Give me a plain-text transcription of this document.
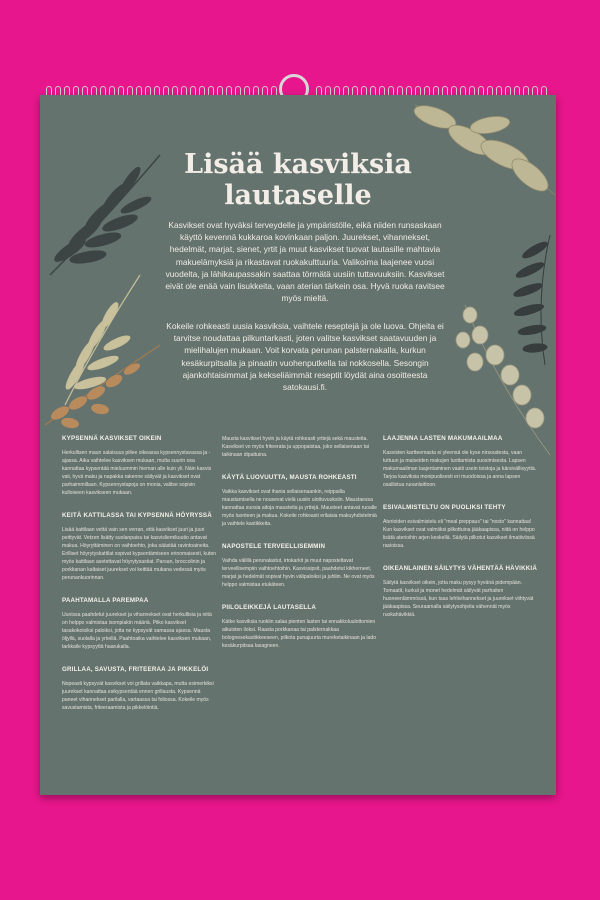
Lisää kasviksia
lautaselle
Kasvikset ovat hyväksi terveydelle ja ympäristölle, eikä niiden runsaskaan käyttö kevennä kukkaroa kovinkaan paljon. Juurekset, vihannekset, hedelmät, marjat, sienet, yrtit ja muut kasvikset tuovat lautasille mahtavia makuelämyksiä ja rikastavat ruokakulttuuria. Valikoima laajenee vuosi vuodelta, ja lähikaupassakin saattaa törmätä uusiin tuttavuuksiin. Kasvikset eivät ole enää vain lisukkeita, vaan aterian tärkein osa. Hyvä ruoka ravitsee myös mieltä.
Kokeile rohkeasti uusia kasviksia, vaihtele reseptejä ja ole luova. Ohjeita ei tarvitse noudattaa pilkuntarkasti, joten valitse kasvikset saatavuuden ja mielihalujen mukaan. Voit korvata perunan palsternakalla, kurkun kesäkurpitsalla ja pinaatin vuohenputkella tai nokkosella. Sesongin ajankohtaisimmat ja kekseliäimmät reseptit löydät aina osoitteesta satokausi.fi.
KYPSENNÄ KASVIKSET OIKEIN

Herkullisen maun salaisuus piilee oikeassa kypsennystavassa ja -ajassa. Aika vaihtelee kasviksen mukaan, mutta suurin osa kannattaa kypsentää mieluummin hieman alle kuin yli. Näin kasvis vaii, hyvä maku ja napakka rakenne säilyvät ja kasvikset ovat parhaimmillaan. Kypsennystapoja on monia, valitse sopivin kulloiseen kasvikseen mukaan.

KEITÄ KATTILASSA TAI KYPSENNÄ HÖYRYSSÄ

Lisää kattilaan vettä vain sen verran, että kasvikset juuri ja juuri peittyvät. Vetzen lisätty suolanpaisu tai kasvisliemikuutio antavat makua. Höyryttäminen on vaihtoehto, joka säästää ravintoaineita. Erilliset höyrytyskattilat sopivat kypsentämiseen erinomaisesti, kuten myös kattilaan asetettavat höyrytysastiat. Parsan, broccolinin ja porkkanan kaltaiset juurekset voi keittää mukana vedessä myös perunankuorinnan.

PAAHTAMALLA PAREMPAA

Uunissa paahdetut juurekset ja vihannekset ovat herkullisia ja niitä on helppo valmistaa isompiakin määriä. Pilko kasvikset tasakokoisiksi paloiksi, jotta ne kypsyvät samassa ajassa. Mausta öljyllä, suolalla ja yrteillä. Paahtoaika vaihtelee kasviksen mukaan, tarkkaile kypsyyttä haarukalla.

GRILLAA, SAVUSTA, FRITEERAA JA PIKKELÖI

Nopeasti kypsyvät kasvikset voi grillata vaikkapa, mutta esimerkiksi juurekset kannattaa esikypsentää ennen grillausta. Kypsennä paneet vihannekset parilalla, vartaassa tai foliossa. Kokeile myös savustamista, friteeraamista ja pikkelöintiä.

Mausta kasvikset hyvin ja käytä rohkeasti yrttejä sekä mausteita. Kasvikset vo myös friteerata ja uppopaistaa, joko sellaisenaan tai taikinaan dipattuina.

KÄYTÄ LUOVUUTTA, MAUSTA ROHKEASTI

Vaikka kasvikset ovat ihania sellaisenaankin, reippailla maustamisella ne nousevat vielä uusiin ulottuvuuksiin. Maustaessa kannattaa suosia aitoja mausteita ja yrttejä. Mausteet antavat ruoalle myös luonteen ja makua. Kokeile rohkeasti erilaisia makuyhdistelmiä ja vaihtele kastikkeita.

NAPOSTELE TERVEELLISEMMIN

Vaihda välillä perunalastut, irtokarkit ja muut naposteltavat terveellisempiin vaihtoehtoihin. Kasvissipsit, paahdetut kikherneet, marjat ja hedelmät sopivat hyvin välipaloiksi ja juhliin. Ne ovat myös helppo valmistaa etukäteen.

PIILOLEIKKEJÄ LAUTASELLA

Kätke kasviksia ruokiin salaa pienten lasten tai ennakkoluulottomien aikuisten iloksi. Raasta porkkanaa tai palsternakkaa bolognesekastikkeeseen, pilkota punajuurta mureketaikinaan ja lado kesäkurpitsaa lasagneen.

LAAJENNA LASTEN MAKUMAAILMAA

Kasvisten kartteemasta ei yleensä ole kyse nirsoudesta, vaan tuttuun ja maiseiden makujen luottamista suosimisesta. Lapsen makumaailman laajentaminen vaatii usein toistoja ja kärsivällisyyttä. Tarjoa kasviksia monipuolisesti eri muodoissa ja anna lapsen osallistua ruoanlaittoon.

ESIVALMISTELTU ON PUOLIKSI TEHTY

Aterioiden esivalmistelu eli "meal preppaus" tai "nosto" kannattaa! Kun kasvikset ovat valmiiksi pilkottuina jääkaapissa, niitä on helppo lisätä aterioihin arjen keskellä. Säilytä pilkotut kasvikset ilmatiiviissä rasioissa.

OIKEANLAINEN SÄILYTYS VÄHENTÄÄ HÄVIKKIÄ

Säilytä kasvikset oikein, jotta maku pysyy hyvänä pidempään. Tomaatit, kurkut ja monet hedelmät säilyvät parhaiten huoneenlämmössä, kun taas lehtivihannekset ja juurekset viihtyvät jääkaapissa. Seuraamalla säilytysohjeita vähennät myös ruokahävikkiä.
